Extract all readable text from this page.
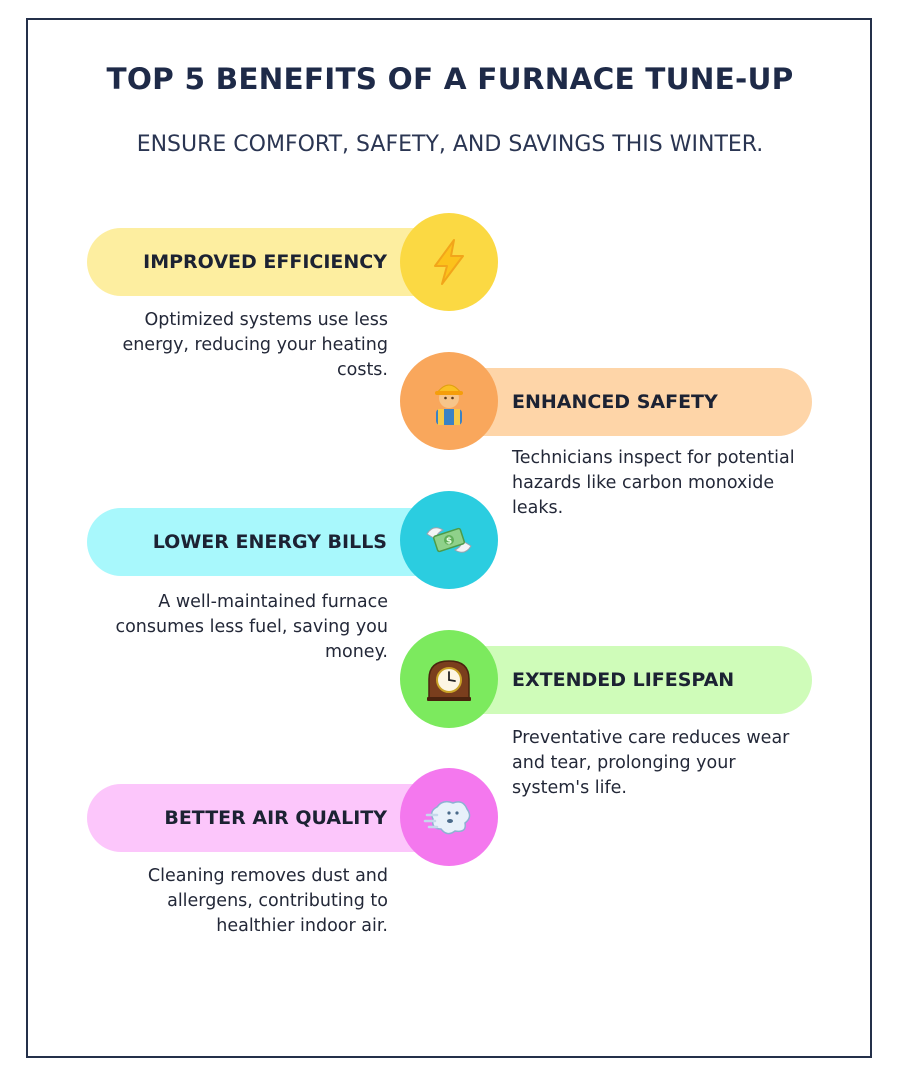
TOP 5 BENEFITS OF A FURNACE TUNE-UP
ENSURE COMFORT, SAFETY, AND SAVINGS THIS WINTER.
IMPROVED EFFICIENCY
Optimized systems use less energy, reducing your heating costs.
ENHANCED SAFETY
Technicians inspect for potential hazards like carbon monoxide leaks.
LOWER ENERGY BILLS	$
A well-maintained furnace consumes less fuel, saving you money.
EXTENDED LIFESPAN
Preventative care reduces wear and tear, prolonging your system's life.
BETTER AIR QUALITY
Cleaning removes dust and allergens, contributing to healthier indoor air.
